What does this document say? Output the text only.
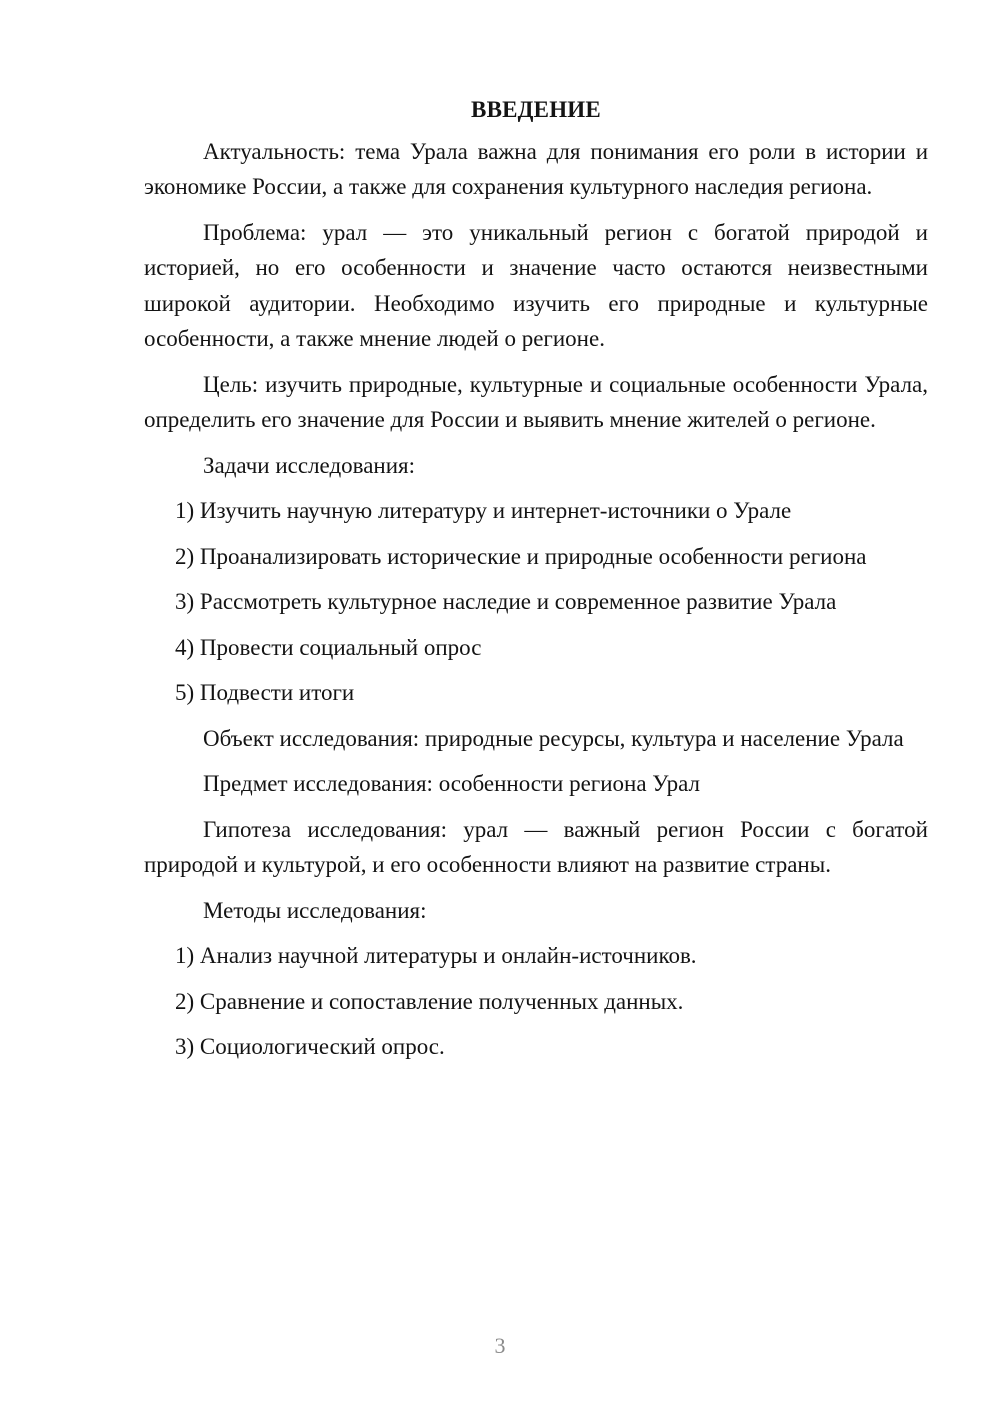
ВВЕДЕНИЕ

Актуальность: тема Урала важна для понимания его роли в истории и экономике России, а также для сохранения культурного наследия региона.

Проблема: урал — это уникальный регион с богатой природой и историей, но его особенности и значение часто остаются неизвестными широкой аудитории. Необходимо изучить его природные и культурные особенности, а также мнение людей о регионе.

Цель: изучить природные, культурные и социальные особенности Урала, определить его значение для России и выявить мнение жителей о регионе.

Задачи исследования:

1) Изучить научную литературу и интернет-источники о Урале

2) Проанализировать исторические и природные особенности региона

3) Рассмотреть культурное наследие и современное развитие Урала

4) Провести социальный опрос

5) Подвести итоги

Объект исследования: природные ресурсы, культура и население Урала

Предмет исследования: особенности региона Урал

Гипотеза исследования: урал — важный регион России с богатой природой и культурой, и его особенности влияют на развитие страны.

Методы исследования:

1) Анализ научной литературы и онлайн-источников.

2) Сравнение и сопоставление полученных данных.

3) Социологический опрос.

3
